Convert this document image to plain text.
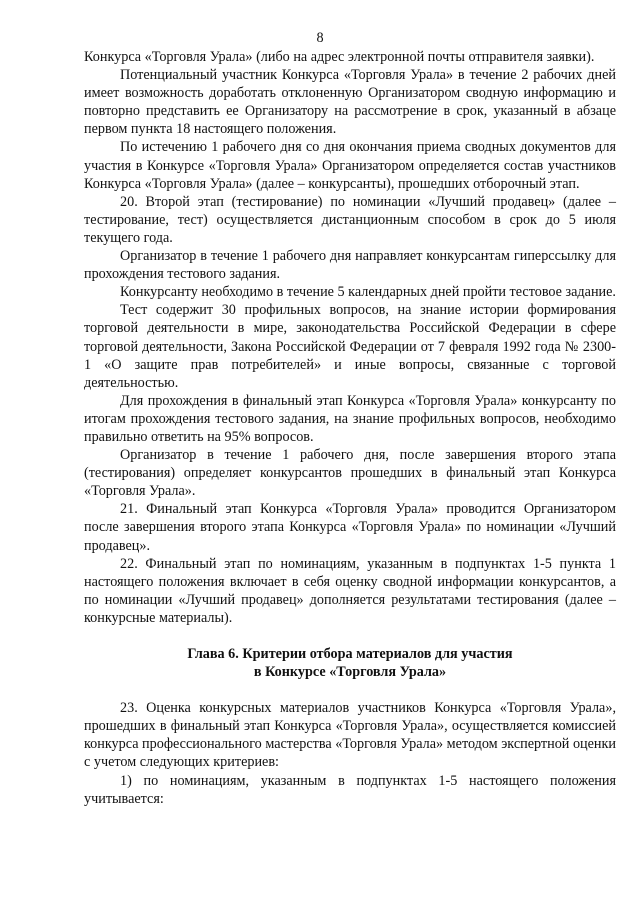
8

Конкурса «Торговля Урала» (либо на адрес электронной почты отправителя заявки).

Потенциальный участник Конкурса «Торговля Урала» в течение 2 рабочих дней имеет возможность доработать отклоненную Организатором сводную информацию и повторно представить ее Организатору на рассмотрение в срок, указанный в абзаце первом пункта 18 настоящего положения.

По истечению 1 рабочего дня со дня окончания приема сводных документов для участия в Конкурсе «Торговля Урала» Организатором определяется состав участников Конкурса «Торговля Урала» (далее – конкурсанты), прошедших отборочный этап.

20. Второй этап (тестирование) по номинации «Лучший продавец» (далее – тестирование, тест) осуществляется дистанционным способом в срок до 5 июля текущего года.

Организатор в течение 1 рабочего дня направляет конкурсантам гиперссылку для прохождения тестового задания.

Конкурсанту необходимо в течение 5 календарных дней пройти тестовое задание.

Тест содержит 30 профильных вопросов, на знание истории формирования торговой деятельности в мире, законодательства Российской Федерации в сфере торговой деятельности, Закона Российской Федерации от 7 февраля 1992 года № 2300-1 «О защите прав потребителей» и иные вопросы, связанные с торговой деятельностью.

Для прохождения в финальный этап Конкурса «Торговля Урала» конкурсанту по итогам прохождения тестового задания, на знание профильных вопросов, необходимо правильно ответить на 95% вопросов.

Организатор в течение 1 рабочего дня, после завершения второго этапа (тестирования) определяет конкурсантов прошедших в финальный этап Конкурса «Торговля Урала».

21. Финальный этап Конкурса «Торговля Урала» проводится Организатором после завершения второго этапа Конкурса «Торговля Урала» по номинации «Лучший продавец».

22. Финальный этап по номинациям, указанным в подпунктах 1-5 пункта 1 настоящего положения включает в себя оценку сводной информации конкурсантов, а по номинации «Лучший продавец» дополняется результатами тестирования (далее – конкурсные материалы).

Глава 6. Критерии отбора материалов для участия
в Конкурсе «Торговля Урала»

23. Оценка конкурсных материалов участников Конкурса «Торговля Урала», прошедших в финальный этап Конкурса «Торговля Урала», осуществляется комиссией конкурса профессионального мастерства «Торговля Урала» методом экспертной оценки с учетом следующих критериев:

1) по номинациям, указанным в подпунктах 1-5 настоящего положения учитывается:
